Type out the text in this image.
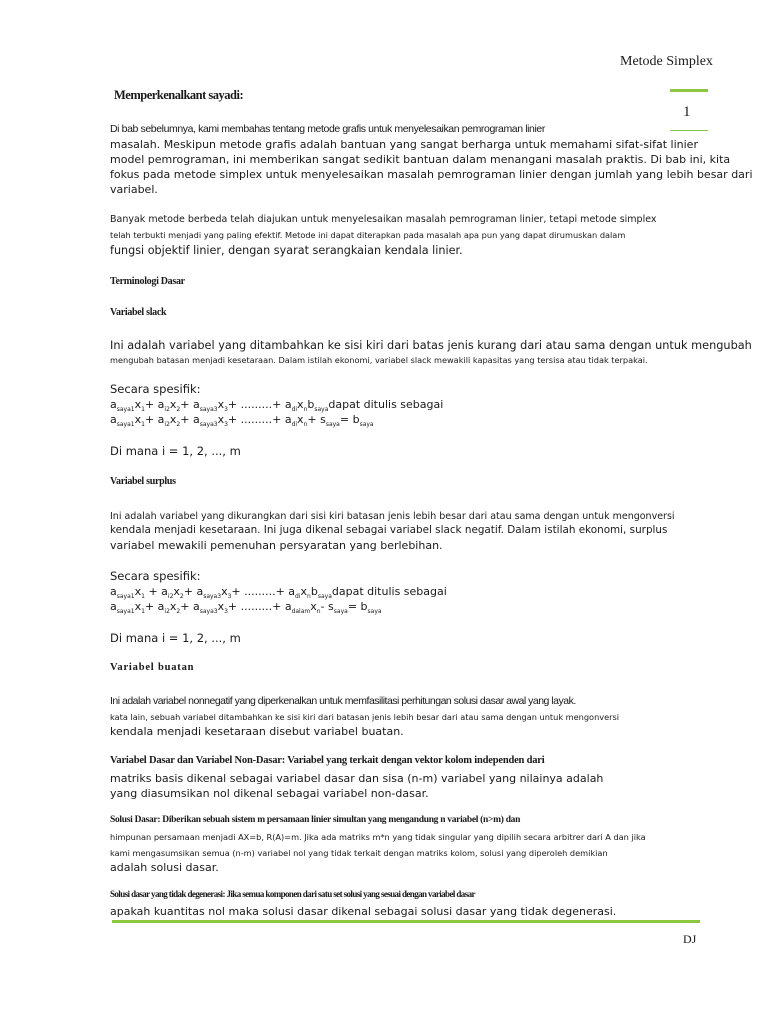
Metode Simplex
1
Memperkenalkant sayadi:
Di bab sebelumnya, kami membahas tentang metode grafis untuk menyelesaikan pemrograman linier
masalah. Meskipun metode grafis adalah bantuan yang sangat berharga untuk memahami sifat-sifat linier
model pemrograman, ini memberikan sangat sedikit bantuan dalam menangani masalah praktis. Di bab ini, kita
fokus pada metode simplex untuk menyelesaikan masalah pemrograman linier dengan jumlah yang lebih besar dari
variabel.
Banyak metode berbeda telah diajukan untuk menyelesaikan masalah pemrograman linier, tetapi metode simplex
telah terbukti menjadi yang paling efektif. Metode ini dapat diterapkan pada masalah apa pun yang dapat dirumuskan dalam
fungsi objektif linier, dengan syarat serangkaian kendala linier.
Terminologi Dasar
Variabel slack
Ini adalah variabel yang ditambahkan ke sisi kiri dari batas jenis kurang dari atau sama dengan untuk mengubah
mengubah batasan menjadi kesetaraan. Dalam istilah ekonomi, variabel slack mewakili kapasitas yang tersisa atau tidak terpakai.
Secara spesifik:
$a_{saya1}x_1+ a_{i2}x_2+ a_{saya3}x_3+$ .........+ $a_{di}x_nb_{saya}dapat$ ditulis sebagai
$a_{saya1}x_1+ a_{i2}x_2+ a_{saya3}x_3+$ .........+ $a_{di}x_n+ s_{saya}= b_{saya}$
Di mana i = 1, 2, ..., m
Variabel surplus
Ini adalah variabel yang dikurangkan dari sisi kiri batasan jenis lebih besar dari atau sama dengan untuk mengonversi
kendala menjadi kesetaraan. Ini juga dikenal sebagai variabel slack negatif. Dalam istilah ekonomi, surplus
variabel mewakili pemenuhan persyaratan yang berlebihan.
Secara spesifik:
$a_{saya1}x_1 + a_{i2}x_2+ a_{saya3}x_3+$ .........+ $a_{di}x_nb_{saya}dapat$ ditulis sebagai
$a_{saya1}x_1+ a_{i2}x_2+ a_{saya3}x_3+$ .........+ $a_{dalam}x_n-$ $s_{saya}= b_{saya}$
Di mana i = 1, 2, ..., m
Variabel buatan
Ini adalah variabel nonnegatif yang diperkenalkan untuk memfasilitasi perhitungan solusi dasar awal yang layak.
kata lain, sebuah variabel ditambahkan ke sisi kiri dari batasan jenis lebih besar dari atau sama dengan untuk mengonversi
kendala menjadi kesetaraan disebut variabel buatan.
Variabel Dasar dan Variabel Non-Dasar: Variabel yang terkait dengan vektor kolom independen dari
matriks basis dikenal sebagai variabel dasar dan sisa (n-m) variabel yang nilainya adalah
yang diasumsikan nol dikenal sebagai variabel non-dasar.
Solusi Dasar: Diberikan sebuah sistem m persamaan linier simultan yang mengandung n variabel (n>m) dan
himpunan persamaan menjadi AX=b, R(A)=m. Jika ada matriks m*n yang tidak singular yang dipilih secara arbitrer dari A dan jika
kami mengasumsikan semua (n-m) variabel nol yang tidak terkait dengan matriks kolom, solusi yang diperoleh demikian
adalah solusi dasar.
Solusi dasar yang tidak degenerasi: Jika semua komponen dari satu set solusi yang sesuai dengan variabel dasar
apakah kuantitas nol maka solusi dasar dikenal sebagai solusi dasar yang tidak degenerasi.
DJ
